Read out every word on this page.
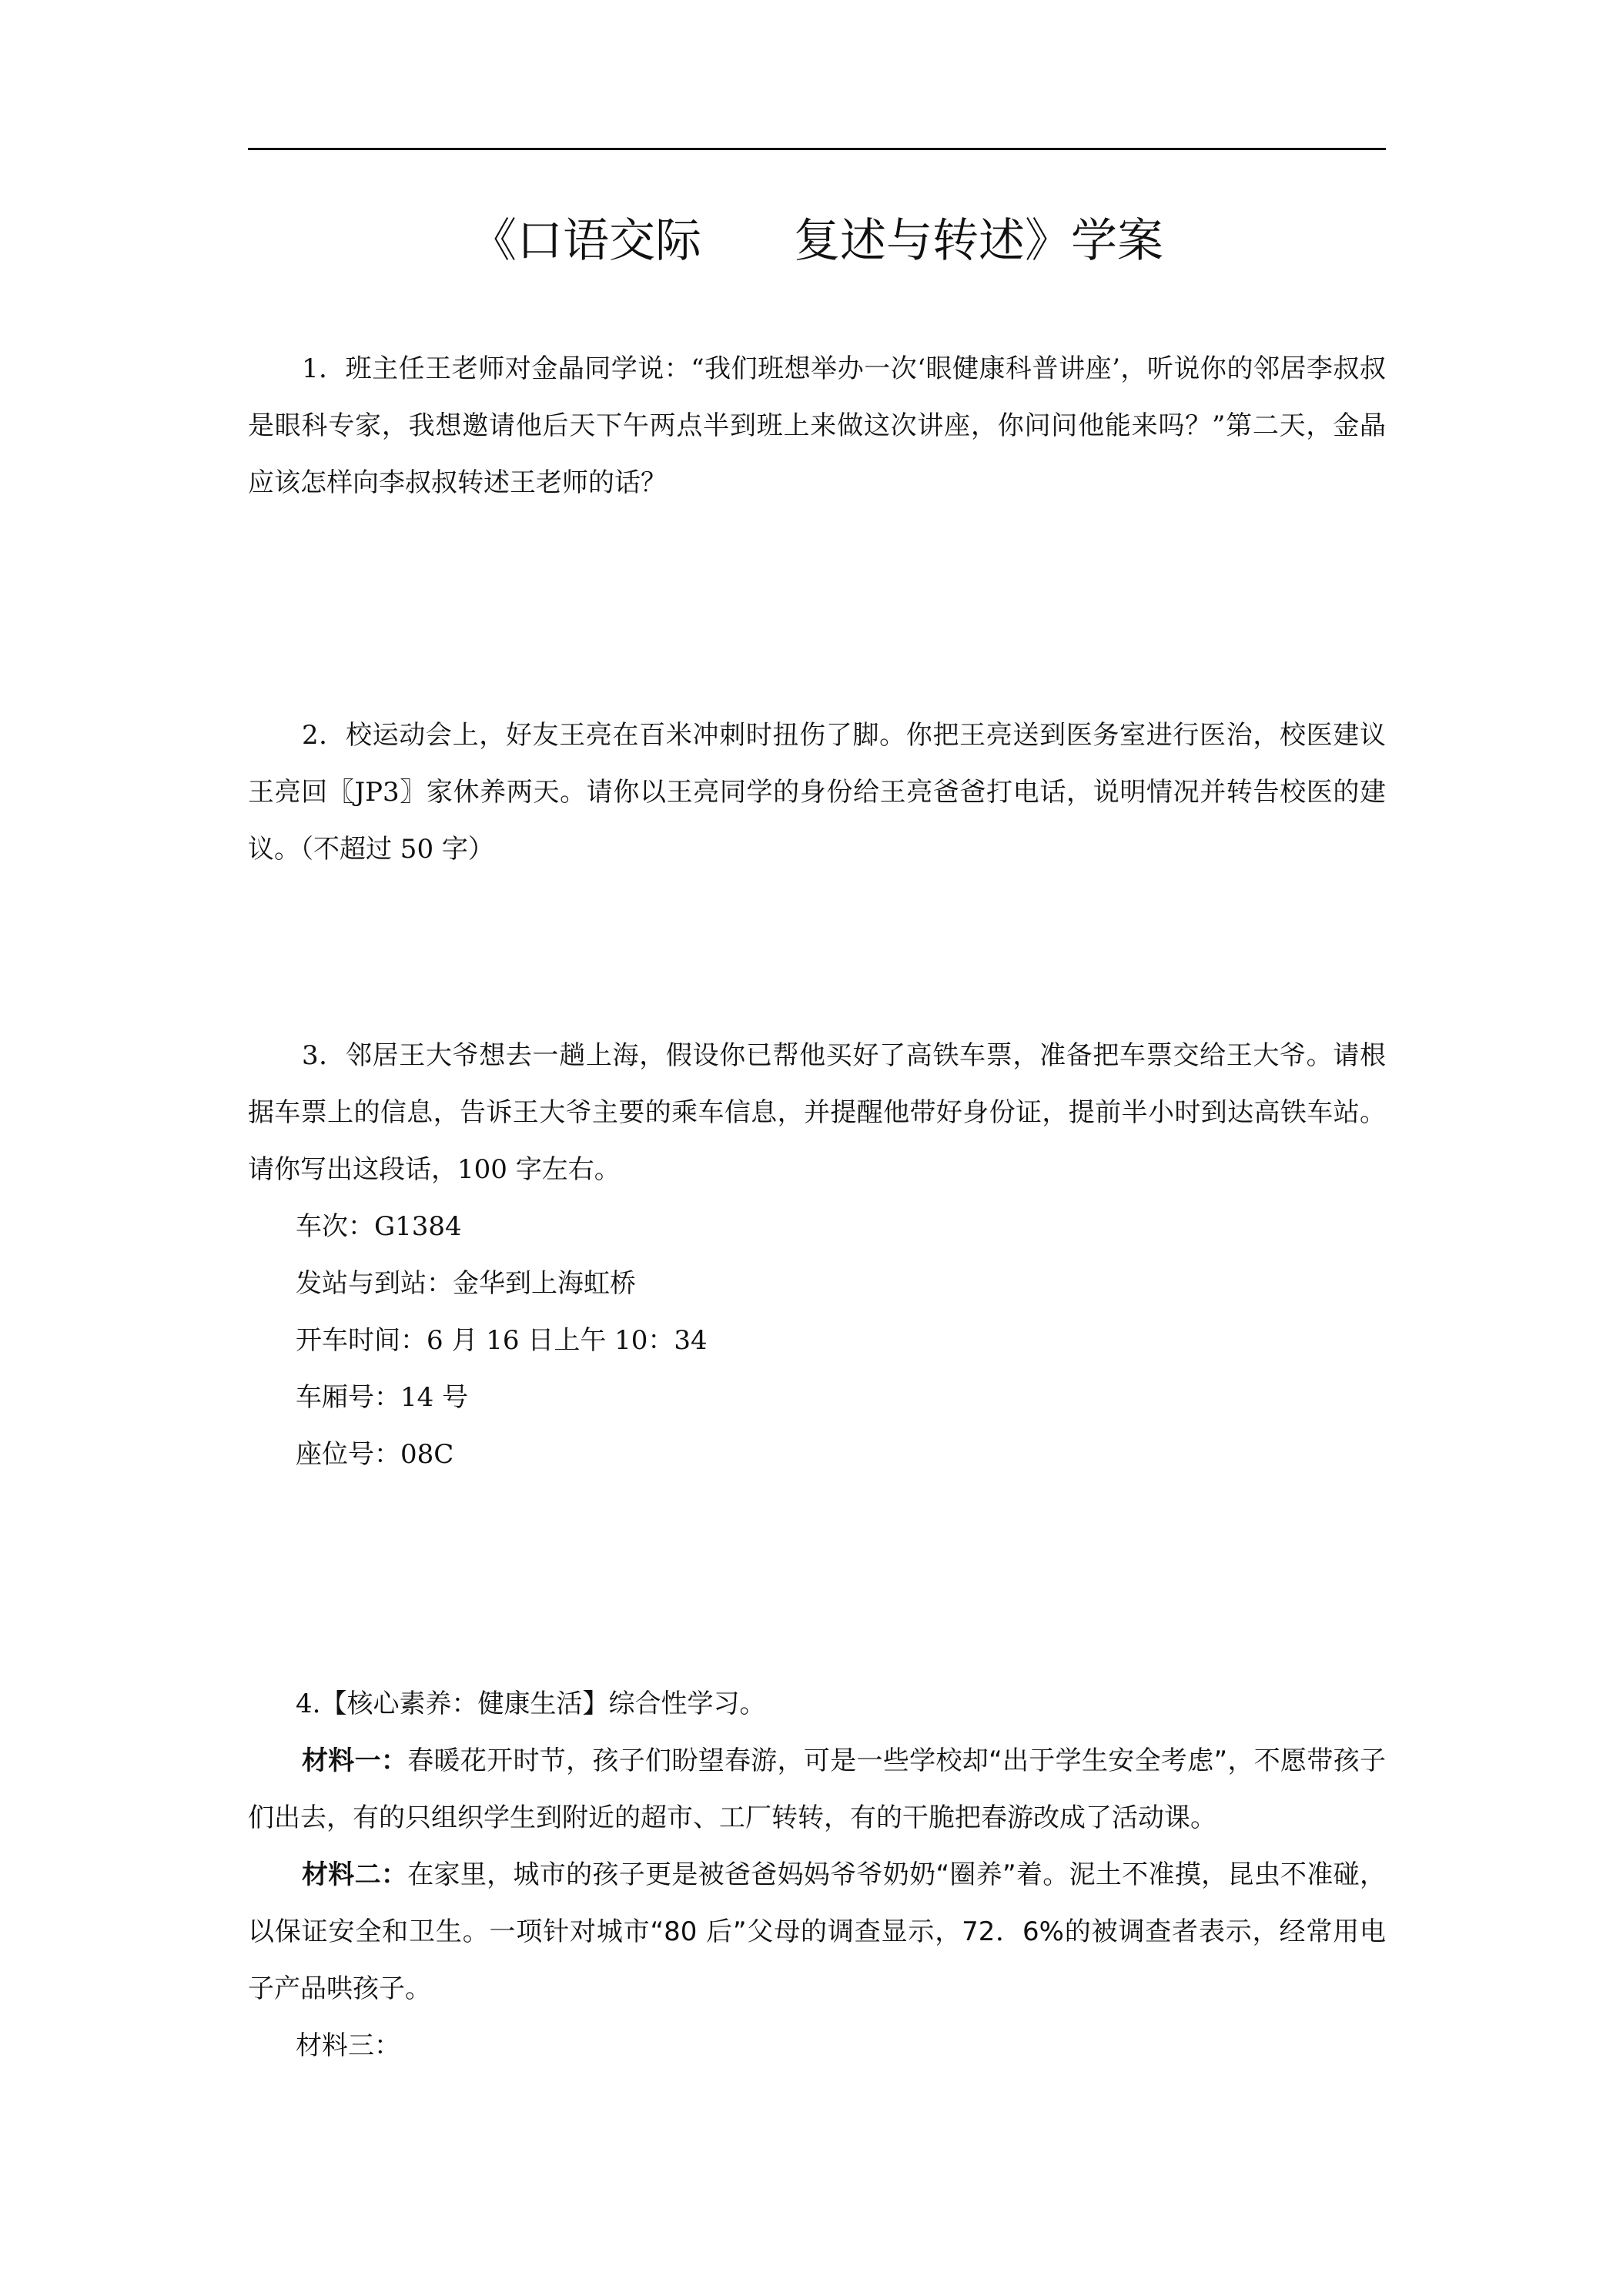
《口语交际　　复述与转述》学案

1．班主任王老师对金晶同学说：“我们班想举办一次‘眼健康科普讲座’，听说你的邻居李叔叔是眼科专家，我想邀请他后天下午两点半到班上来做这次讲座，你问问他能来吗？”第二天，金晶应该怎样向李叔叔转述王老师的话？

2．校运动会上，好友王亮在百米冲刺时扭伤了脚。你把王亮送到医务室进行医治，校医建议王亮回〖JP3〗家休养两天。请你以王亮同学的身份给王亮爸爸打电话，说明情况并转告校医的建议。（不超过 50 字）

3．邻居王大爷想去一趟上海，假设你已帮他买好了高铁车票，准备把车票交给王大爷。请根据车票上的信息，告诉王大爷主要的乘车信息，并提醒他带好身份证，提前半小时到达高铁车站。请你写出这段话，100 字左右。

车次：G1384

发站与到站：金华到上海虹桥

开车时间：6 月 16 日上午 10：34

车厢号：14 号

座位号：08C

4.【核心素养：健康生活】综合性学习。

材料一：春暖花开时节，孩子们盼望春游，可是一些学校却“出于学生安全考虑”，不愿带孩子们出去，有的只组织学生到附近的超市、工厂转转，有的干脆把春游改成了活动课。

材料二：在家里，城市的孩子更是被爸爸妈妈爷爷奶奶“圈养”着。泥土不准摸，昆虫不准碰，以保证安全和卫生。一项针对城市“80 后”父母的调查显示，72．6%的被调查者表示，经常用电子产品哄孩子。

材料三：
